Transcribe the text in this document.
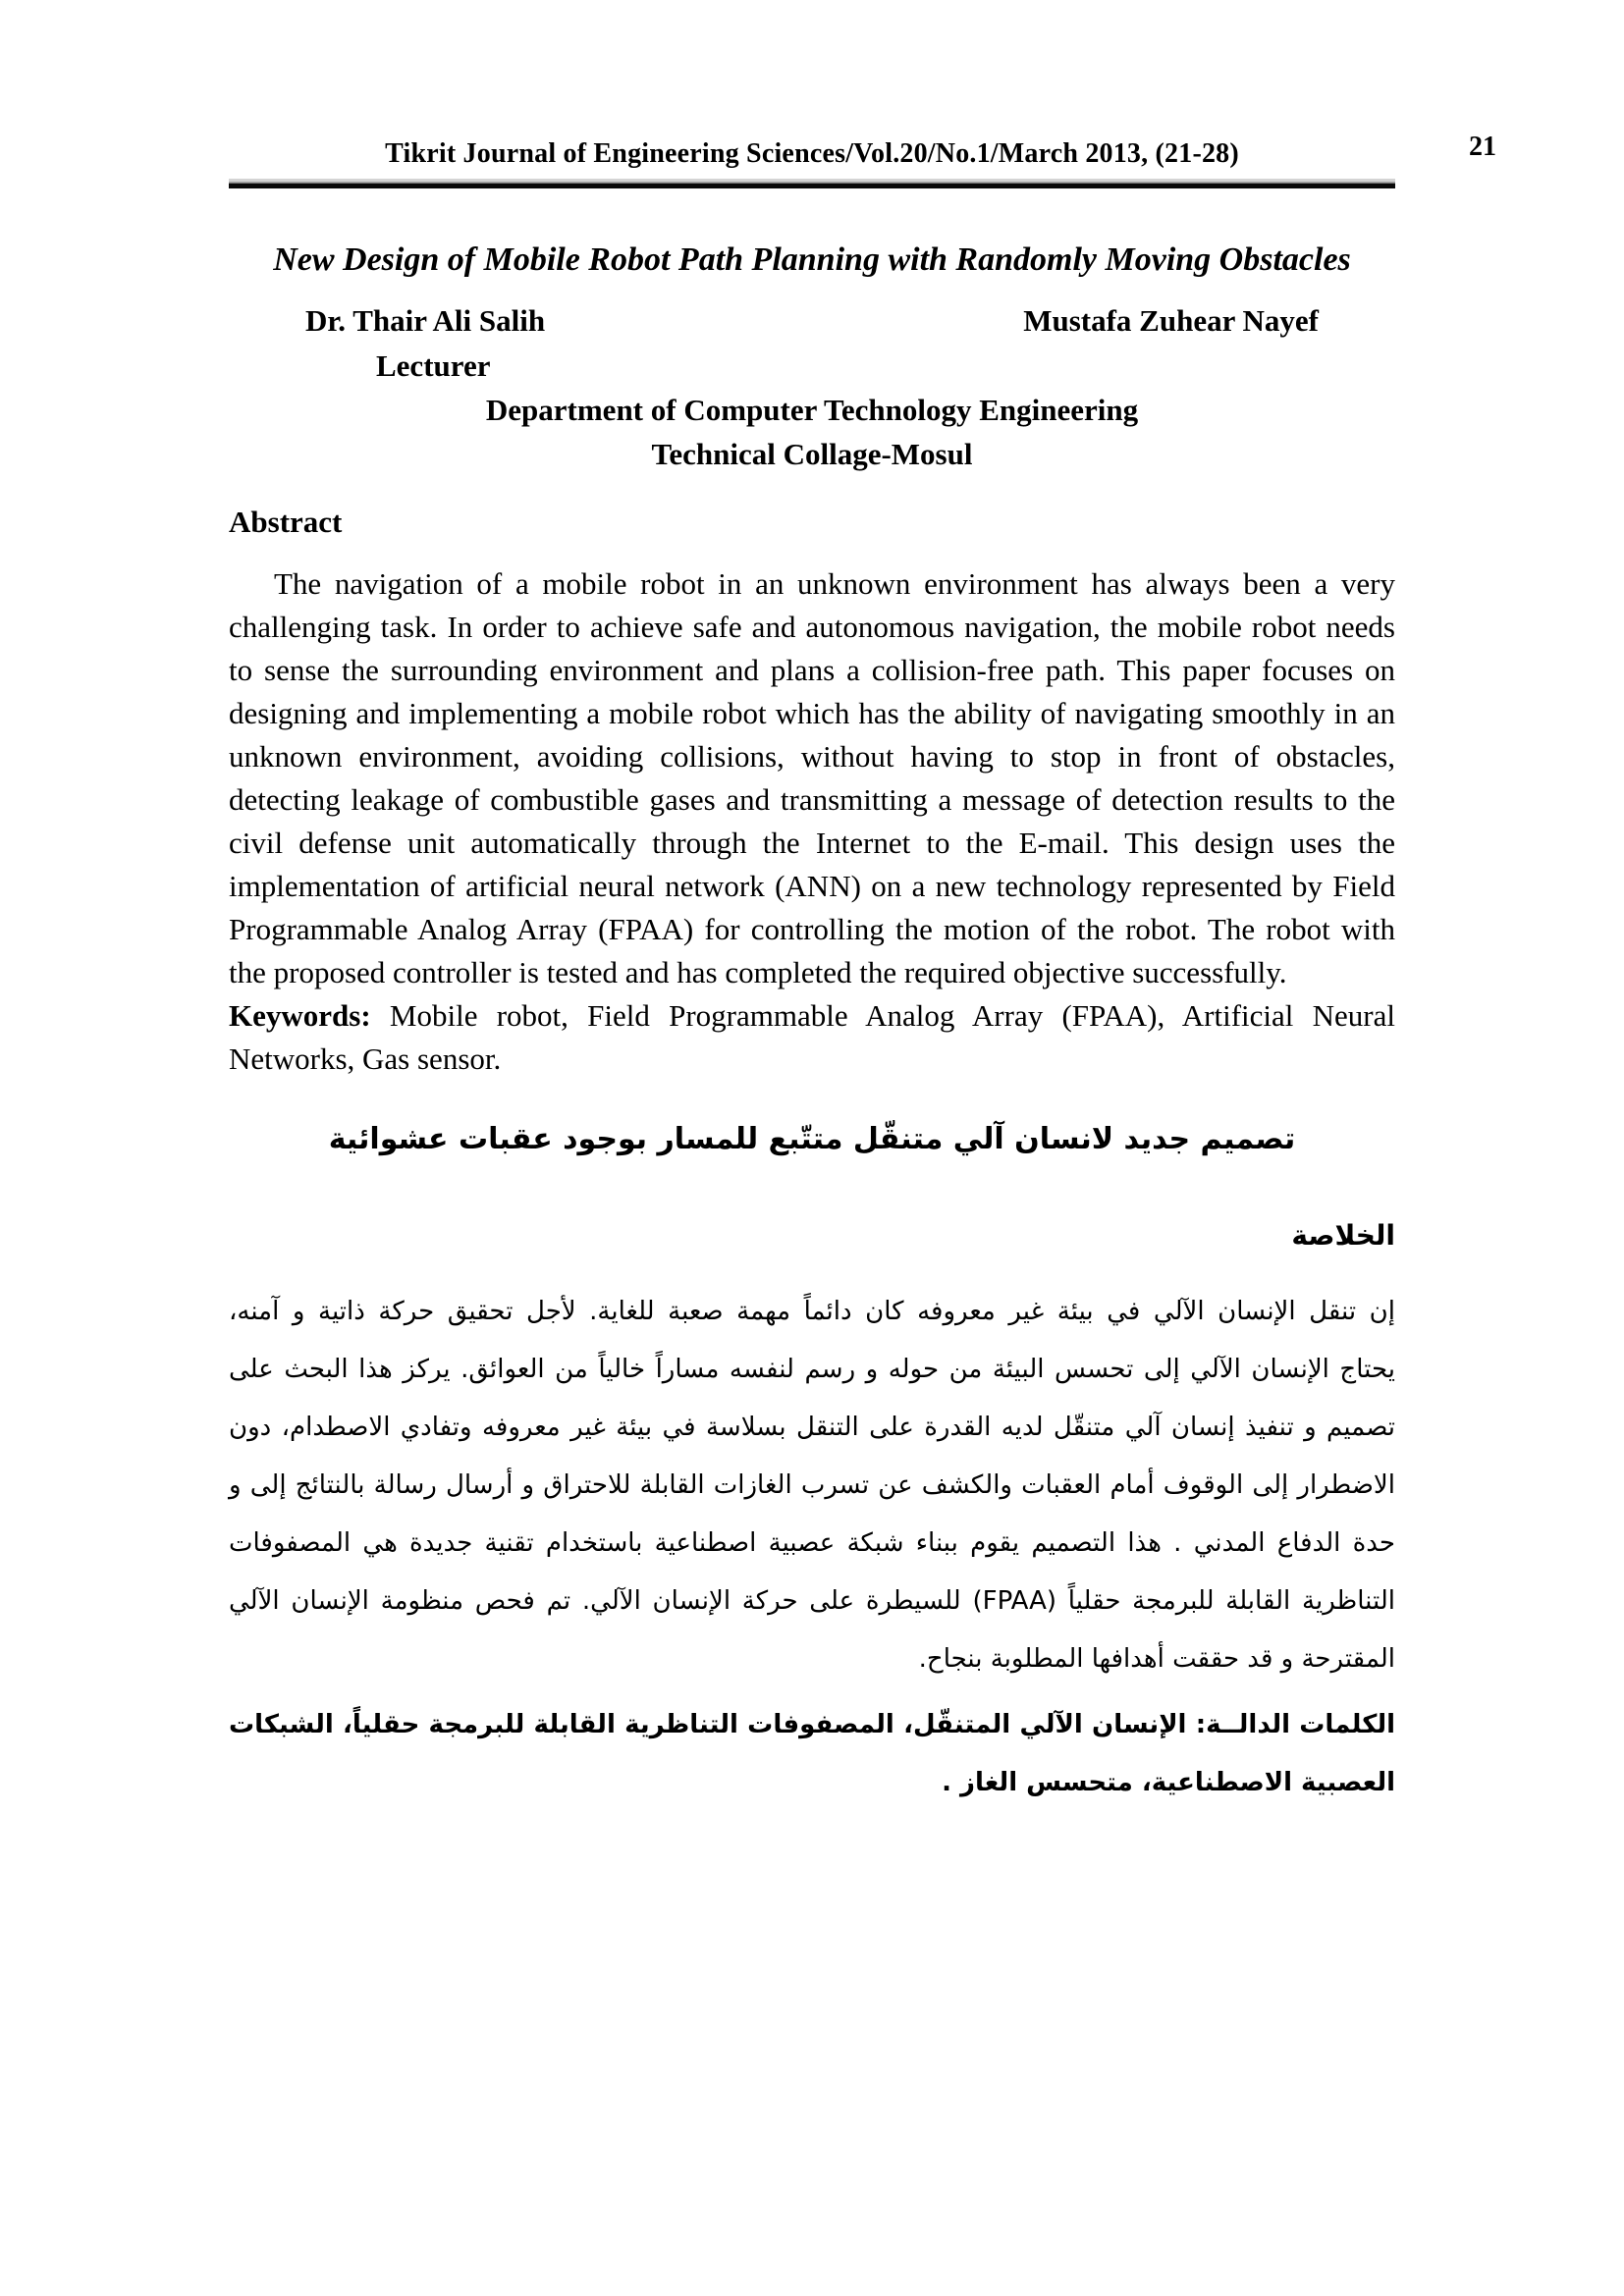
21
Tikrit Journal of Engineering Sciences/Vol.20/No.1/March 2013, (21-28)
New Design of Mobile Robot Path Planning with Randomly Moving Obstacles
Dr. Thair Ali Salih	Mustafa Zuhear Nayef
Lecturer
Department of Computer Technology Engineering
Technical Collage-Mosul
Abstract

The navigation of a mobile robot in an unknown environment has always been a very challenging task. In order to achieve safe and autonomous navigation, the mobile robot needs to sense the surrounding environment and plans a collision-free path. This paper focuses on designing and implementing a mobile robot which has the ability of navigating smoothly in an unknown environment, avoiding collisions, without having to stop in front of obstacles, detecting leakage of combustible gases and transmitting a message of detection results to the civil defense unit automatically through the Internet to the E-mail. This design uses the implementation of artificial neural network (ANN) on a new technology represented by Field Programmable Analog Array (FPAA) for controlling the motion of the robot. The robot with the proposed controller is tested and has completed the required objective successfully.

Keywords: Mobile robot, Field Programmable Analog Array (FPAA), Artificial Neural Networks, Gas sensor.

تصميم جديد لانسان آلي متنقّل متتّبع للمسار بوجود عقبات عشوائية
الخلاصة
إن تنقل الإنسان الآلي في بيئة غير معروفه كان دائماً مهمة صعبة للغاية. لأجل تحقيق حركة ذاتية و آمنه،
يحتاج الإنسان الآلي إلى تحسس البيئة من حوله و رسم لنفسه مساراً خالياً من العوائق. يركز هذا البحث على
تصميم و تنفيذ إنسان آلي متنقّل لديه القدرة على التنقل بسلاسة في بيئة غير معروفه وتفادي الاصطدام، دون
الاضطرار إلى الوقوف أمام العقبات والكشف عن تسرب الغازات القابلة للاحتراق و أرسال رسالة بالنتائج إلى و
حدة الدفاع المدني . هذا التصميم يقوم ببناء شبكة عصبية اصطناعية باستخدام تقنية جديدة هي المصفوفات
التناظرية القابلة للبرمجة حقلياً (FPAA) للسيطرة على حركة الإنسان الآلي. تم فحص منظومة الإنسان الآلي
المقترحة و قد حققت أهدافها المطلوبة بنجاح.

الكلمات الدالــة: الإنسان الآلي المتنقّل، المصفوفات التناظرية القابلة للبرمجة حقلياً، الشبكات العصبية الاصطناعية، متحسس الغاز .
